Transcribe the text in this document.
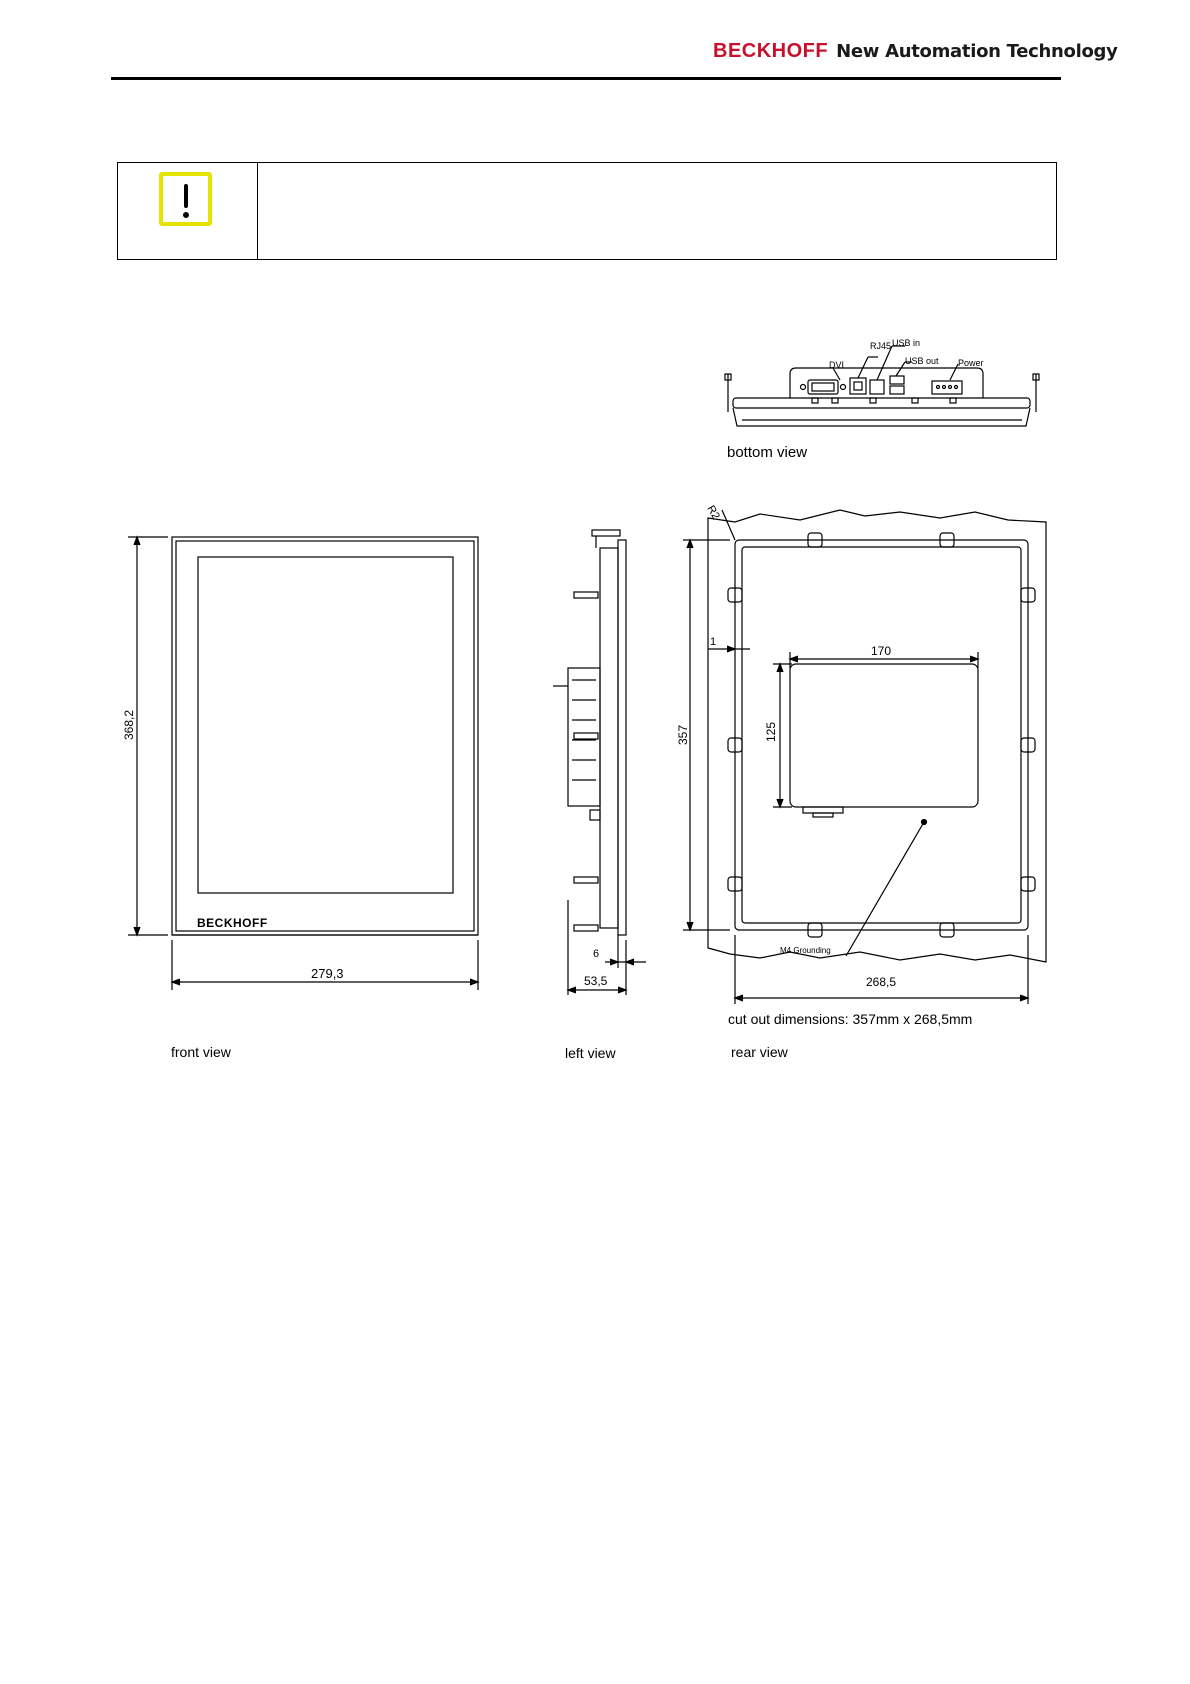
BECKHOFF New Automation Technology
DVI
RJ45 USB in
USB out Power
bottom view
BECKHOFF
368,2
279,3
front view
6
53,5
left view
R2
1
170
125
357
M4 Grounding
268,5
cut out dimensions: 357mm x 268,5mm
rear view
